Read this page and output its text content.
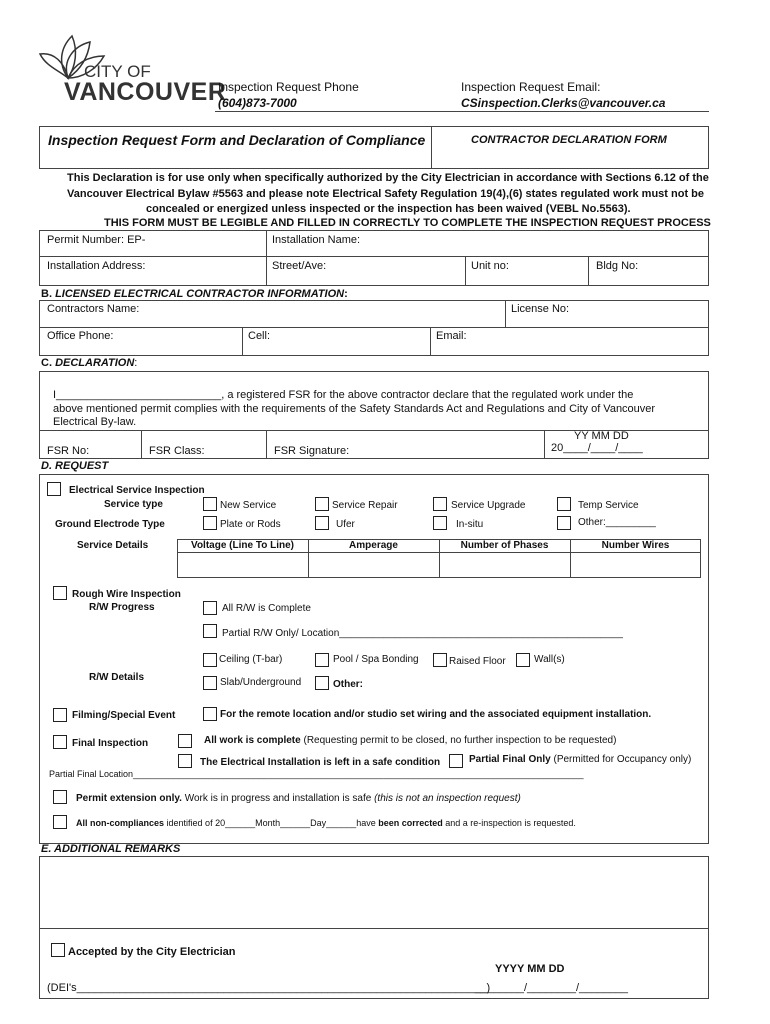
CITY OF
VANCOUVER
Inspection Request Phone
(604)873-7000
Inspection Request Email:
CSinspection.Clerks@vancouver.ca
Inspection Request Form and Declaration of Compliance	CONTRACTOR DECLARATION FORM
This Declaration is for use only when specifically authorized by the City Electrician in accordance with Sections 6.12 of the
Vancouver Electrical Bylaw #5563 and please note Electrical Safety Regulation 19(4),(6) states regulated work must not be
concealed or energized unless inspected or the inspection has been waived (VEBL No.5563).
THIS FORM MUST BE LEGIBLE AND FILLED IN CORRECTLY TO COMPLETE THE INSPECTION REQUEST PROCESS
Permit Number: EP-	Installation Name:
Installation Address:	Street/Ave:	Unit no:	Bldg No:
B. LICENSED ELECTRICAL CONTRACTOR INFORMATION:
Contractors Name:	License No:
Office Phone:	Cell:	Email:
C. DECLARATION:
I___________________________, a registered FSR for the above contractor declare that the regulated work under the
above mentioned permit complies with the requirements of the Safety Standards Act and Regulations and City of Vancouver
Electrical By-law.
FSR No:	FSR Class:	FSR Signature:
YY MM DD
20____/____/____
D. REQUEST
Electrical Service Inspection
Service type	New Service	Service Repair	Service Upgrade	Temp Service
Ground Electrode Type	Plate or Rods	Ufer	In-situ	Other:_________
Service Details	Voltage (Line To Line)	Amperage	Number of Phases	Number Wires
Rough Wire Inspection
R/W Progress	All R/W is Complete
Partial R/W Only/ Location___________________________________________________
Ceiling (T-bar)	Pool / Spa Bonding	Raised Floor	Wall(s)
R/W Details	Slab/Underground	Other:
Filming/Special Event	For the remote location and/or studio set wiring and the associated equipment installation.
Final Inspection	All work is complete (Requesting permit to be closed, no further inspection to be requested)
The Electrical Installation is left in a safe condition	Partial Final Only (Permitted for Occupancy only)
Partial Final Location__________________________________________________________________________________________
Permit extension only. Work is in progress and installation is safe (this is not an inspection request)
All non-compliances identified of 20______Month______Day______have been corrected and a re-inspection is requested.
E. ADDITIONAL REMARKS
Accepted by the City Electrician
YYYY MM DD
(DEI's___________________________________________________________________)
________/________/________
